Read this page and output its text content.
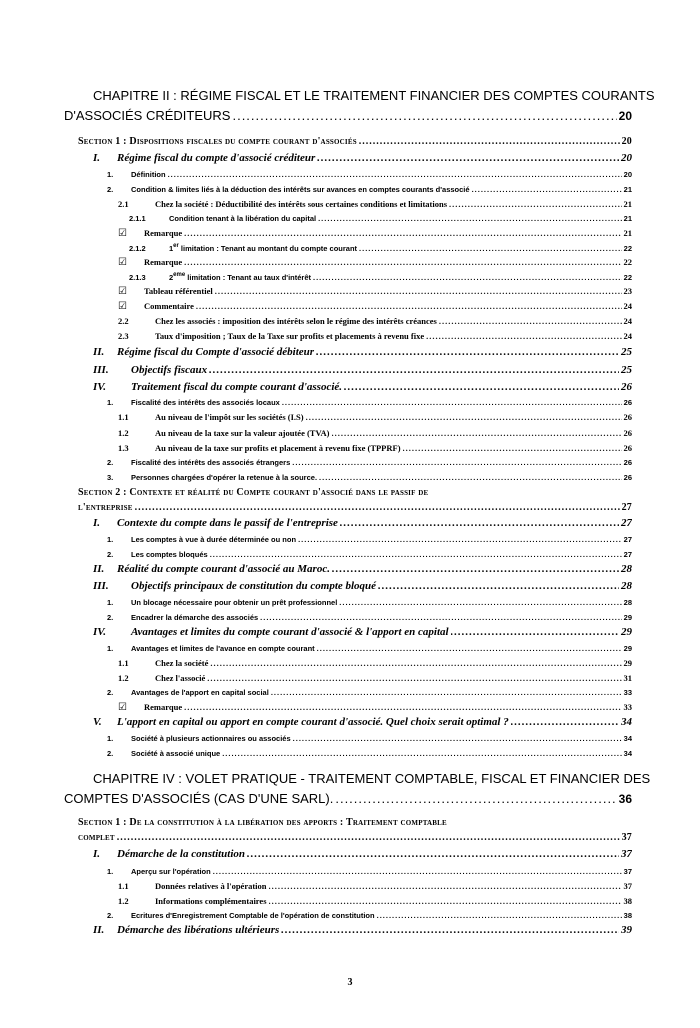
CHAPITRE II : RÉGIME FISCAL ET LE TRAITEMENT FINANCIER DES COMPTES COURANTS
D'ASSOCIÉS CRÉDITEURS .....	20
Section 1 : Dispositions fiscales du compte courant d'associés .....	20
I.	Régime fiscal du compte d'associé créditeur .....	20
1.	Définition .....	20
2.	Condition & limites liés à la déduction des intérêts sur avances en comptes courants d'associé .....	21
2.1	Chez la société : Déductibilité des intérêts sous certaines conditions et limitations .....	21
2.1.1	Condition tenant à la libération du capital .....	21
☑	Remarque .....	21
2.1.2	1er limitation : Tenant au montant du compte courant .....	22
☑	Remarque .....	22
2.1.3	2ème limitation : Tenant au taux d'intérêt .....	22
☑	Tableau référentiel .....	23
☑	Commentaire .....	24
2.2	Chez les associés : imposition des intérêts selon le régime des intérêts créances .....	24
2.3	Taux d'imposition ; Taux de la Taxe sur profits et placements à revenu fixe .....	24
II.	Régime fiscal du Compte d'associé débiteur .....	25
III.	Objectifs fiscaux .....	25
IV.	Traitement fiscal du compte courant d'associé. .....	26
1.	Fiscalité des intérêts des associés locaux .....	26
1.1	Au niveau de l'impôt sur les sociétés (I.S) .....	26
1.2	Au niveau de la taxe sur la valeur ajoutée (TVA) .....	26
1.3	Au niveau de la taxe sur profits et placement à revenu fixe (TPPRF) .....	26
2.	Fiscalité des intérêts des associés étrangers .....	26
3.	Personnes chargées d'opérer la retenue à la source. .....	26
Section 2 : Contexte et réalité du Compte courant d'associé dans le passif de
l'entreprise .....	27
I.	Contexte du compte dans le passif de l'entreprise .....	27
1.	Les comptes à vue à durée déterminée ou non .....	27
2.	Les comptes bloqués .....	27
II.	Réalité du compte courant d'associé au Maroc. .....	28
III.	Objectifs principaux de constitution du compte bloqué .....	28
1.	Un blocage nécessaire pour obtenir un prêt professionnel .....	28
2.	Encadrer la démarche des associés .....	29
IV.	Avantages et limites du compte courant d'associé & l'apport en capital .....	29
1.	Avantages et limites de l'avance en compte courant .....	29
1.1	Chez la société .....	29
1.2	Chez l'associé .....	31
2.	Avantages de l'apport en capital social .....	33
☑	Remarque .....	33
V.	L'apport en capital ou apport en compte courant d'associé. Quel choix serait optimal ? .....	34
1.	Société à plusieurs actionnaires ou associés .....	34
2.	Société à associé unique .....	34
CHAPITRE IV : VOLET PRATIQUE - TRAITEMENT COMPTABLE, FISCAL ET FINANCIER DES
COMPTES D'ASSOCIÉS (CAS D'UNE SARL). .....	36
Section 1 : De la constitution à la libération des apports : Traitement comptable
complet .....	37
I.	Démarche de la constitution .....	37
1.	Aperçu sur l'opération .....	37
1.1	Données relatives à l'opération .....	37
1.2	Informations complémentaires .....	38
2.	Ecritures d'Enregistrement Comptable de l'opération de constitution .....	38
II.	Démarche des libérations ultérieurs .....	39
3
